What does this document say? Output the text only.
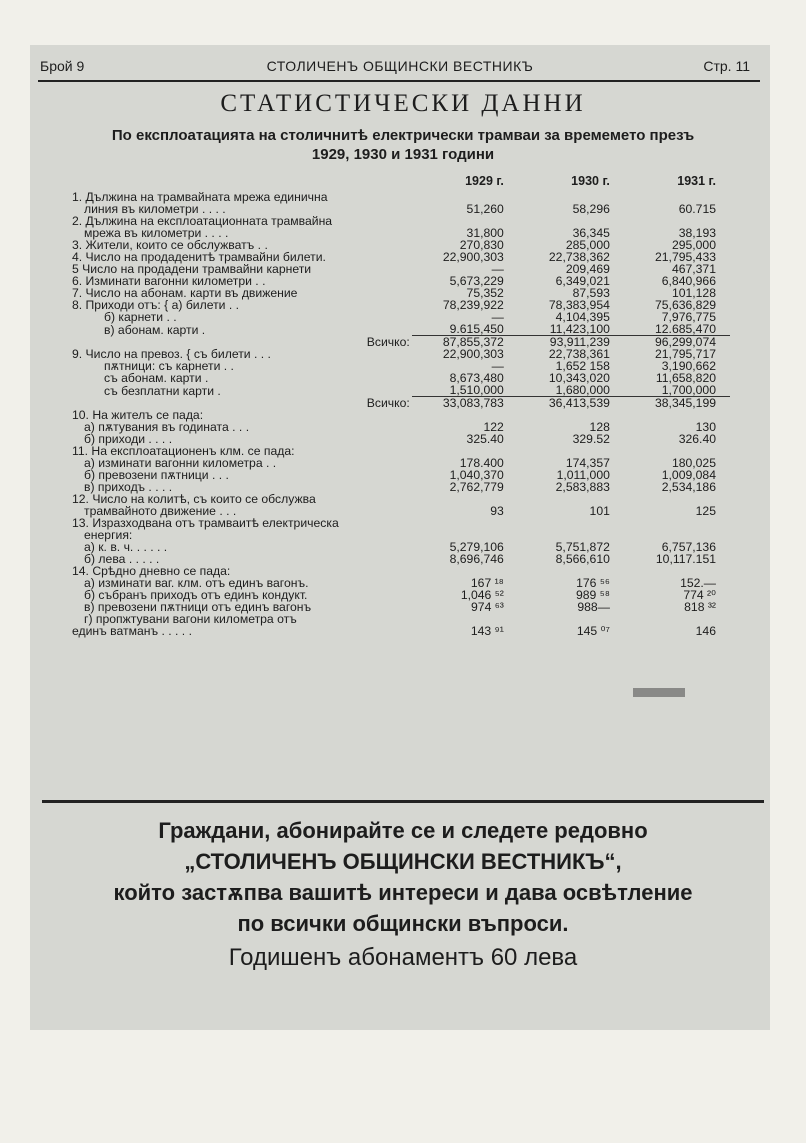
Брой 9	СТОЛИЧЕНЪ ОБЩИНСКИ ВЕСТНИКЪ	Стр. 11
СТАТИСТИЧЕСКИ ДАННИ
По експлоатацията на столичнитѣ електрически трамваи за времемето презъ
1929, 1930 и 1931 години
	1929 г.	1930 г.	1931 г.
1. Дължина на трамвайната мрежа единична			
линия въ километри . . . .	51,260	58,296	60.715
2. Дължина на експлоатационната трамвайна			
мрежа въ километри . . . .	31,800	36,345	38,193
3. Жители, които се обслужватъ . .	270,830	285,000	295,000
4. Число на продаденитѣ трамвайни билети.	22,900,303	22,738,362	21,795,433
5 Число на продадени трамвайни карнети	—	209,469	467,371
6. Изминати вагонни километри . .	5,673,229	6,349,021	6,840,966
7. Число на абонам. карти въ движение	75,352	87,593	101,128
8. Приходи отъ: { а) билети . .	78,239,922	78,383,954	75,636,829
б) карнети . .	—	4,104,395	7,976,775
в) абонам. карти .	9.615,450	11,423,100	12.685,470
Всичко:	87,855,372	93,911,239	96,299,074
9. Число на превоз. { съ билети . . .	22,900,303	22,738,361	21,795,717
пѫтници: съ карнети . .	—	1,652 158	3,190,662
съ абонам. карти .	8,673,480	10,343,020	11,658,820
съ безплатни карти .	1,510,000	1,680,000	1,700,000
Всичко:	33,083,783	36,413,539	38,345,199
10. На жителъ се пада:			
а) пѫтувания въ годината . . .	122	128	130
б) приходи . . . .	325.40	329.52	326.40
11. На експлоатационенъ клм. се пада:			
а) изминати вагонни километра . .	178.400	174,357	180,025
б) превозени пѫтници . . .	1,040,370	1,011,000	1,009,084
в) приходъ . . . .	2,762,779	2,583,883	2,534,186
12. Число на колитѣ, съ които се обслужва			
трамвайното движение . . .	93	101	125
13. Изразходвана отъ трамваитѣ електрическа			
енергия:			
а) к. в. ч. . . . . .	5,279,106	5,751,872	6,757,136
б) лева . . . . .	8,696,746	8,566,610	10,117.151
14. Срѣдно дневно се пада:			
а) изминати ваг. клм. отъ единъ вагонъ.	167 ¹⁸	176 ⁵⁶	152.—
б) събранъ приходъ отъ единъ кондукт.	1,046 ⁵²	989 ⁵⁸	774 ²⁰
в) превозени пѫтници отъ единъ вагонъ	974 ⁶³	988—	818 ³²
г) пропжтувани вагони километра отъ			
единъ ватманъ . . . . .	143 ⁹¹	145 ⁰⁷	146
Граждани, абонирайте се и следете редовно
„СТОЛИЧЕНЪ ОБЩИНСКИ ВЕСТНИКЪ“,
който застѫпва вашитѣ интереси и дава освѣтление
по всички общински въпроси.
Годишенъ абонаментъ 60 лева
